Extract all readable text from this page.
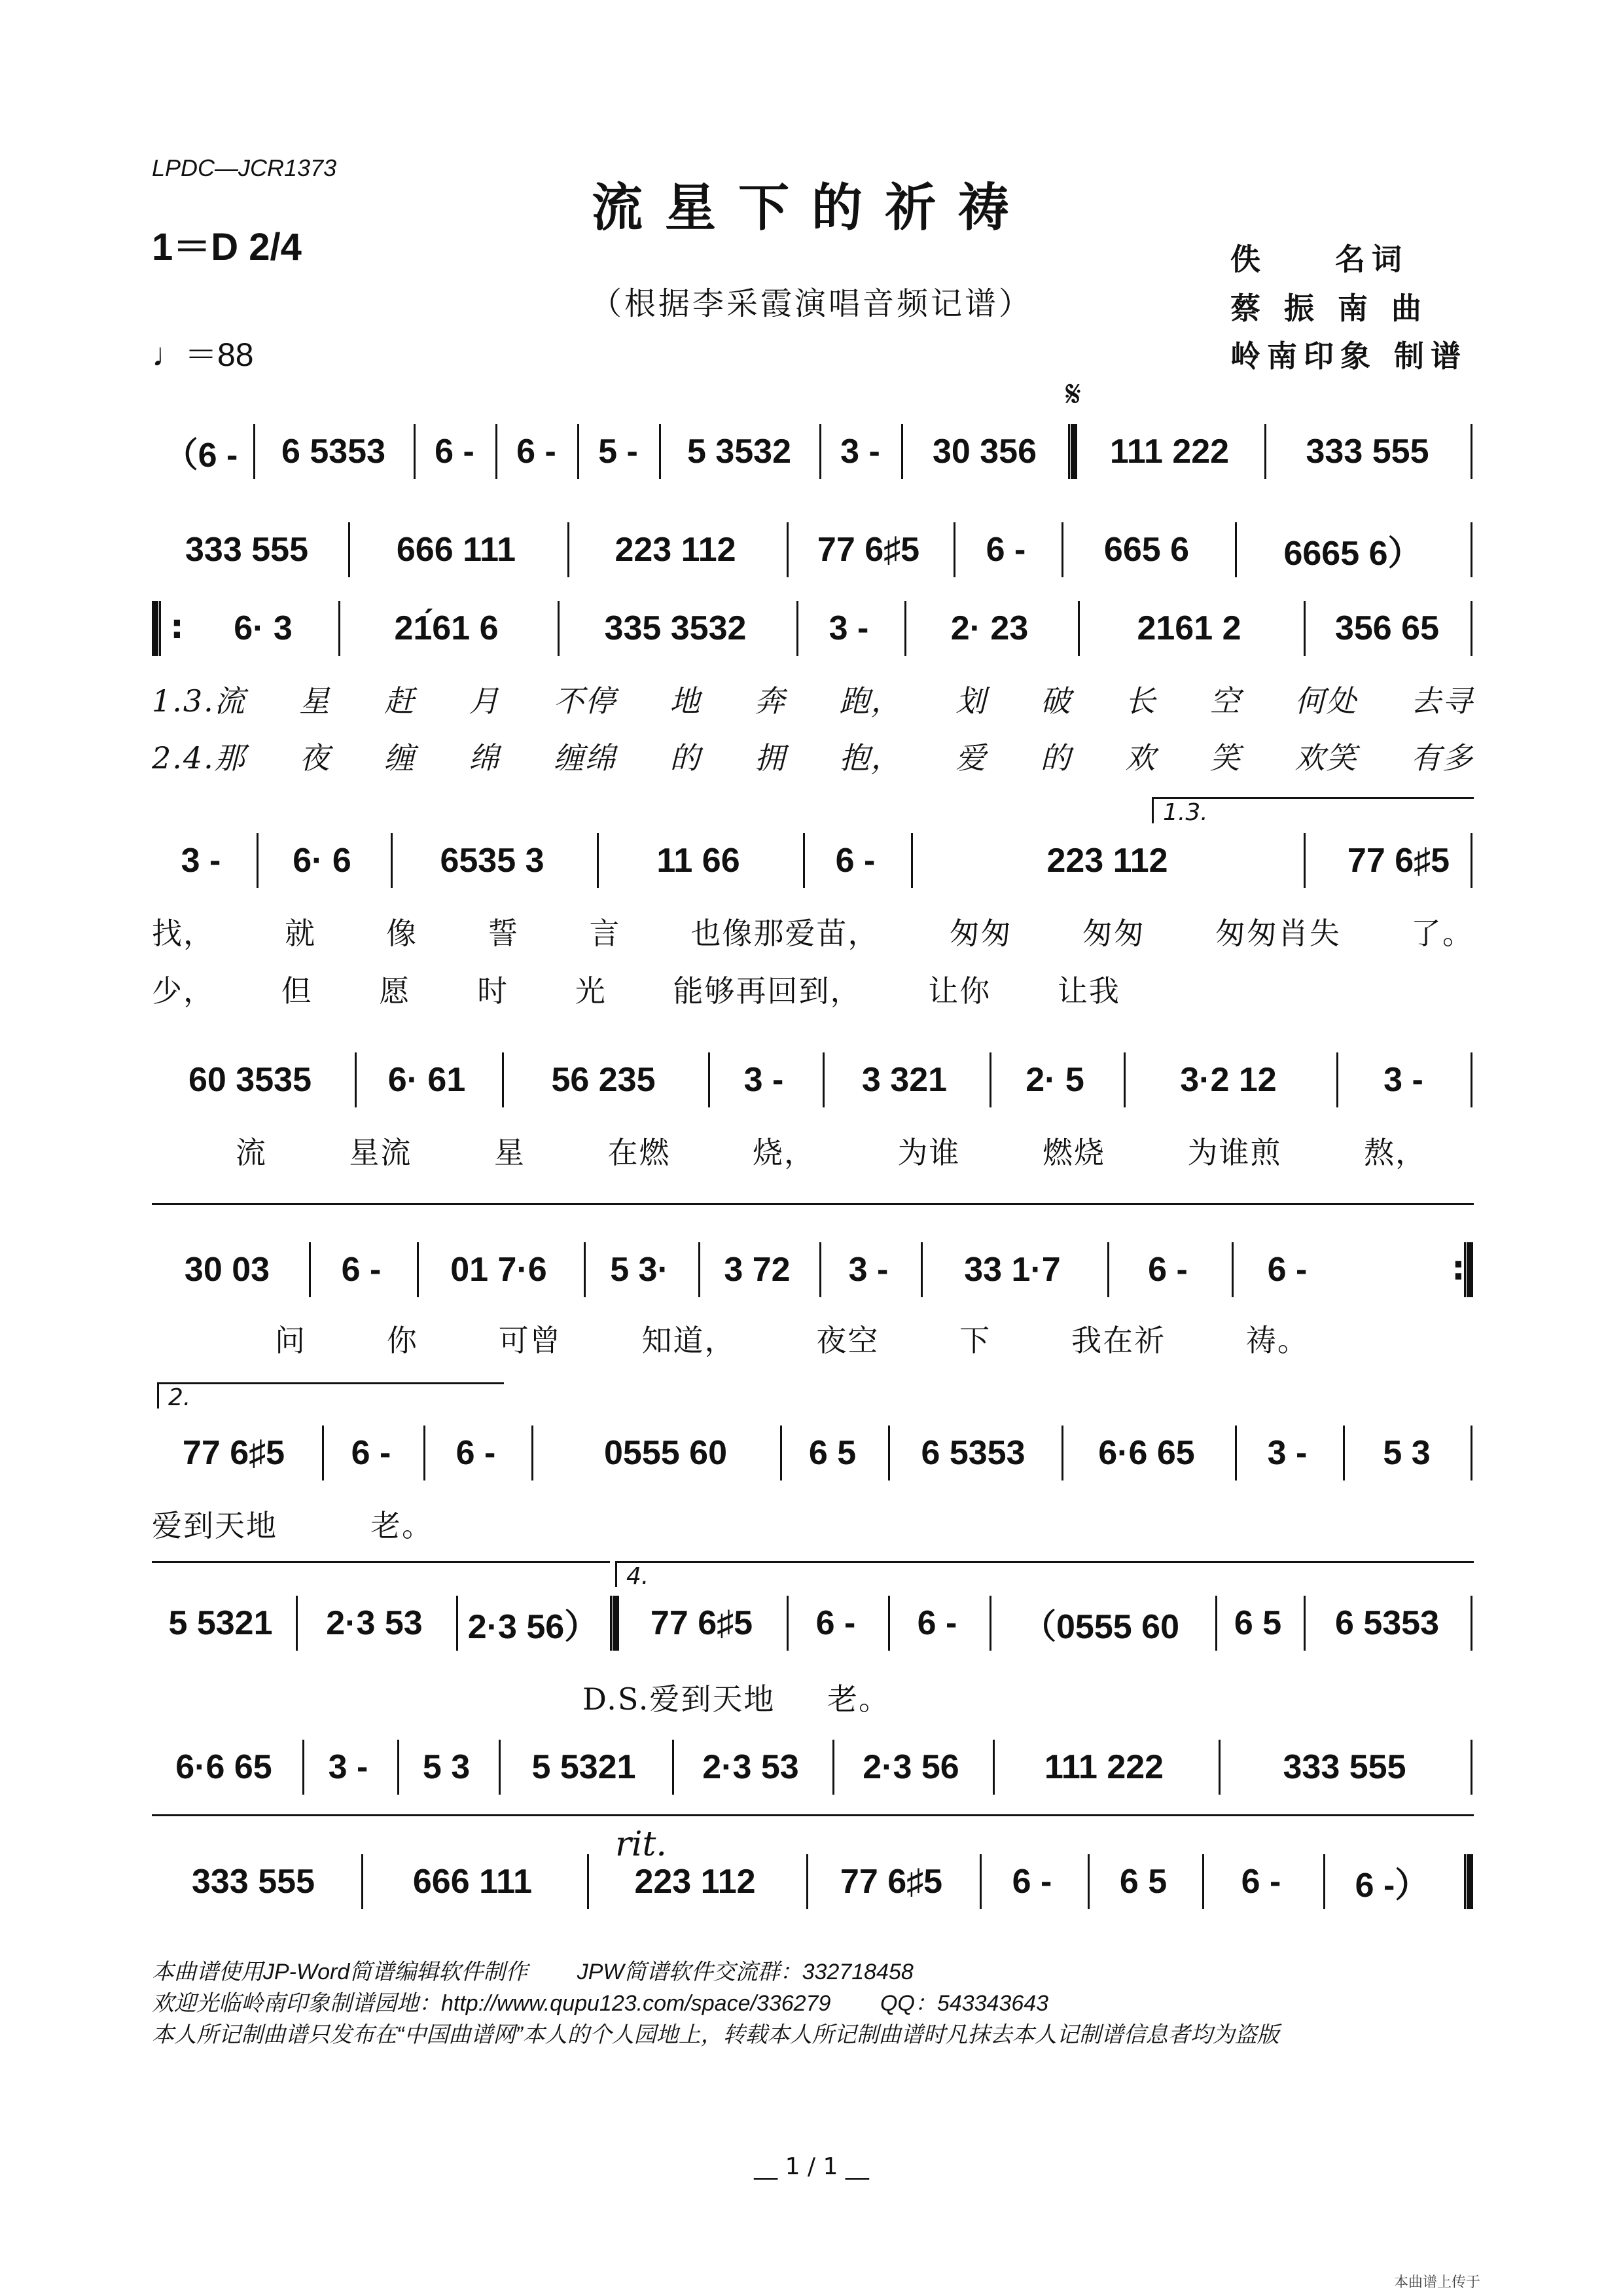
LPDC—JCR1373
流星下的祈祷
（根据李采霞演唱音频记谱）
1＝D 2/4
♩＝88
佚    名词
蔡 振 南 曲
岭南印象 制谱
𝄋
（6 -	6 5353	6 -	6 -	5 -	5 3532	3 -	30 356	111 222	333 555
333 555	666 111	223 112	77 6♯5	6 -	665 6	6665 6）
:
6· 3	21́61 6	335 3532	3 -	2· 23	2161 2	356 65
1.3.流 星 赶 月 不停 地 奔 跑， 划 破 长 空 何处 去寻
2.4.那 夜 缠 绵 缠绵 的 拥 抱， 爱 的 欢 笑 欢笑 有多
1.3.
3 -	6· 6	6535 3	11 66	6 -	223 112	77 6♯5
找， 就 像 誓 言 也像那爱苗， 匆匆 匆匆 匆匆肖失 了。
少， 但 愿 时 光 能够再回到， 让你 让我
60 3535	6· 61	56 235	3 -	3 321	2· 5	3·2 12	3 -
流	星流	星	在燃	烧，	为谁	燃烧	为谁煎	熬，
30 03	6 -	01 7·6	5 3·	3 72	3 -	33 1·7	6 -	6 -
:
问	你	可曾	知道，	夜空	下	我在祈	祷。
2.
77 6♯5	6 -	6 -	0555 60	6 5	6 5353	6·6 65	3 -	5 3
爱到天地	老。
4.
5 5321	2·3 53	2·3 56）	77 6♯5	6 -	6 -	（0555 60	6 5	6 5353
D.S.爱到天地 老。
6·6 65	3 -	5 3	5 5321	2·3 53	2·3 56	111 222	333 555
rit.
333 555	666 111	223 112	77 6♯5	6 -	6 5	6 -	6 -）
本曲谱使用JP-Word简谱编辑软件制作        JPW简谱软件交流群：332718458
欢迎光临岭南印象制谱园地：http://www.qupu123.com/space/336279        QQ：543343643
本人所记制曲谱只发布在“中国曲谱网”本人的个人园地上，转载本人所记制曲谱时凡抹去本人记制谱信息者均为盗版
__ 1 / 1 __
本曲谱上传于
